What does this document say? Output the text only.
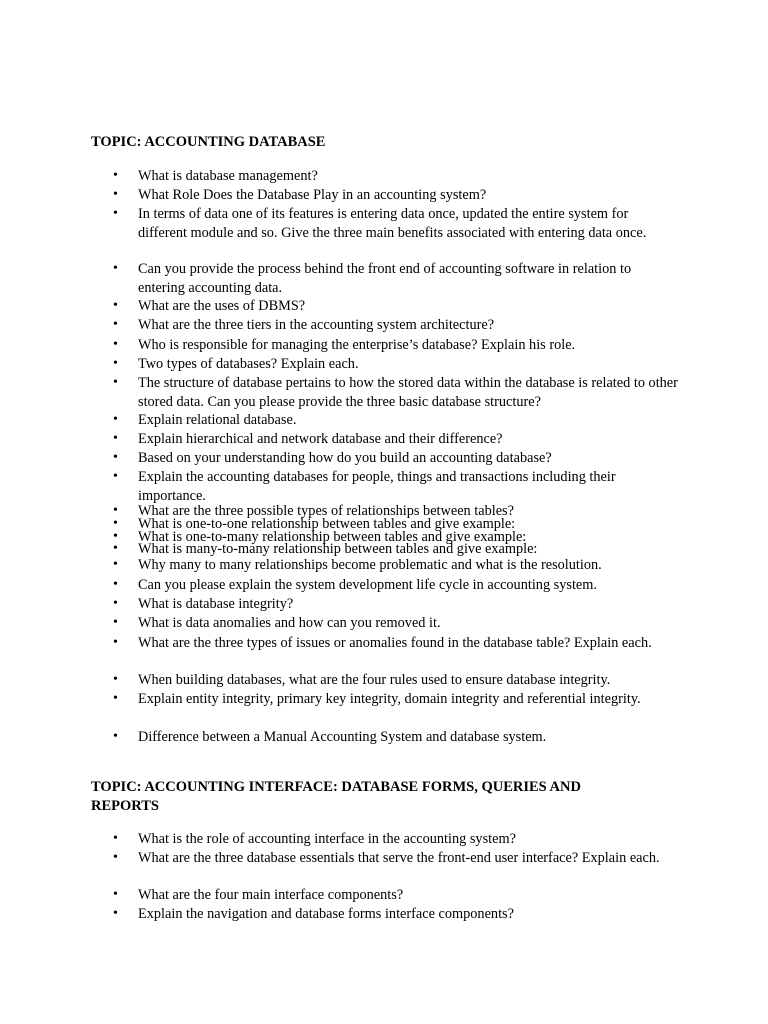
TOPIC: ACCOUNTING DATABASE
• What is database management?
• What Role Does the Database Play in an accounting system?
• In terms of data one of its features is entering data once, updated the entire system for different module and so. Give the three main benefits associated with entering data once.
• Can you provide the process behind the front end of accounting software in relation to entering accounting data.
• What are the uses of DBMS?
• What are the three tiers in the accounting system architecture?
• Who is responsible for managing the enterprise’s database? Explain his role.
• Two types of databases? Explain each.
• The structure of database pertains to how the stored data within the database is related to other stored data. Can you please provide the three basic database structure?
• Explain relational database.
• Explain hierarchical and network database and their difference?
• Based on your understanding how do you build an accounting database?
• Explain the accounting databases for people, things and transactions including their importance.
• What are the three possible types of relationships between tables?
• What is one-to-one relationship between tables and give example:
• What is one-to-many relationship between tables and give example:
• What is many-to-many relationship between tables and give example:
• Why many to many relationships become problematic and what is the resolution.
• Can you please explain the system development life cycle in accounting system.
• What is database integrity?
• What is data anomalies and how can you removed it.
• What are the three types of issues or anomalies found in the database table? Explain each.
• When building databases, what are the four rules used to ensure database integrity.
• Explain entity integrity, primary key integrity, domain integrity and referential integrity.
• Difference between a Manual Accounting System and database system.
TOPIC: ACCOUNTING INTERFACE: DATABASE FORMS, QUERIES AND REPORTS
• What is the role of accounting interface in the accounting system?
• What are the three database essentials that serve the front-end user interface? Explain each.
• What are the four main interface components?
• Explain the navigation and database forms interface components?
